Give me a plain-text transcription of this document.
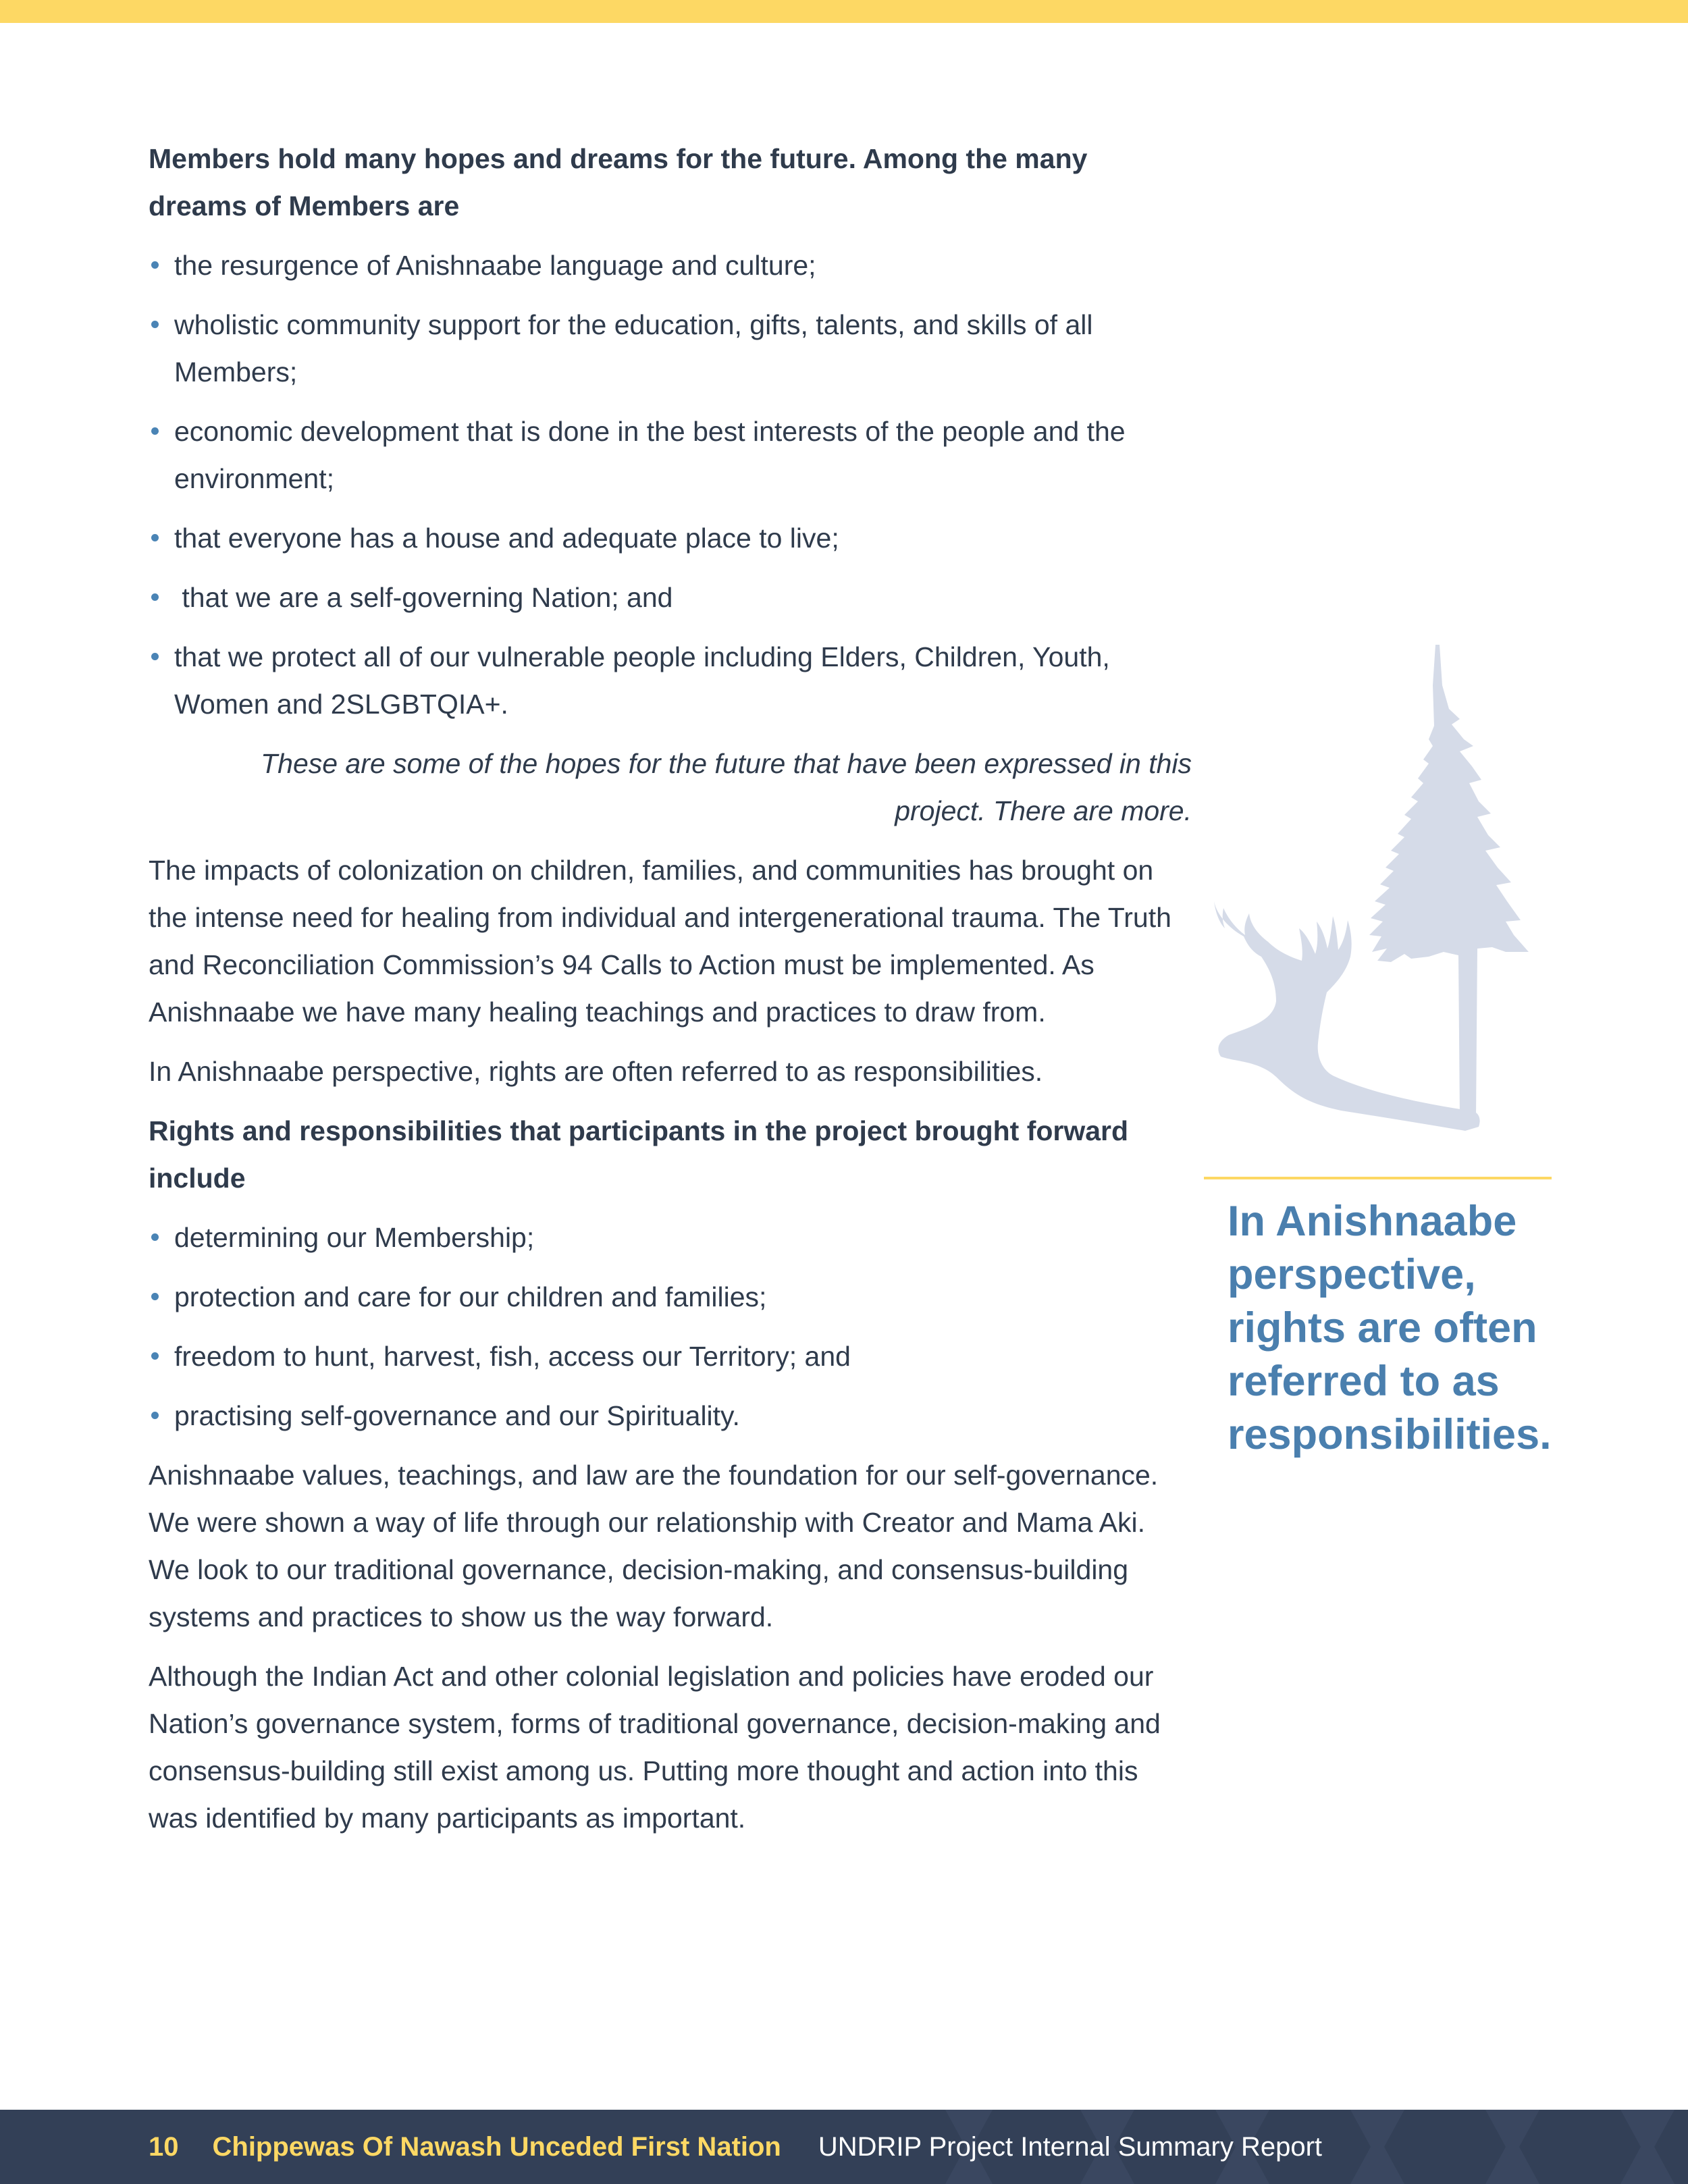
Members hold many hopes and dreams for the future. Among the many dreams of Members are

the resurgence of Anishnaabe language and culture;
wholistic community support for the education, gifts, talents, and skills of all Members;
economic development that is done in the best interests of the people and the environment;
that everyone has a house and adequate place to live;
that we are a self-governing Nation; and
that we protect all of our vulnerable people including Elders, Children, Youth, Women and 2SLGBTQIA+.

These are some of the hopes for the future that have been expressed in this project. There are more.

The impacts of colonization on children, families, and communities has brought on the intense need for healing from individual and intergenerational trauma. The Truth and Reconciliation Commission’s 94 Calls to Action must be implemented. As Anishnaabe we have many healing teachings and practices to draw from.

In Anishnaabe perspective, rights are often referred to as responsibilities.

Rights and responsibilities that participants in the project brought forward include

determining our Membership;
protection and care for our children and families;
freedom to hunt, harvest, fish, access our Territory; and
practising self-governance and our Spirituality.

Anishnaabe values, teachings, and law are the foundation for our self-governance. We were shown a way of life through our relationship with Creator and Mama Aki. We look to our traditional governance, decision-making, and consensus-building systems and practices to show us the way forward.

Although the Indian Act and other colonial legislation and policies have eroded our Nation’s governance system, forms of traditional governance, decision-making and consensus-building still exist among us. Putting more thought and action into this was identified by many participants as important.

In Anishnaabe perspective, rights are often referred to as responsibilities.
10 Chippewas Of Nawash Unceded First Nation UNDRIP Project Internal Summary Report
